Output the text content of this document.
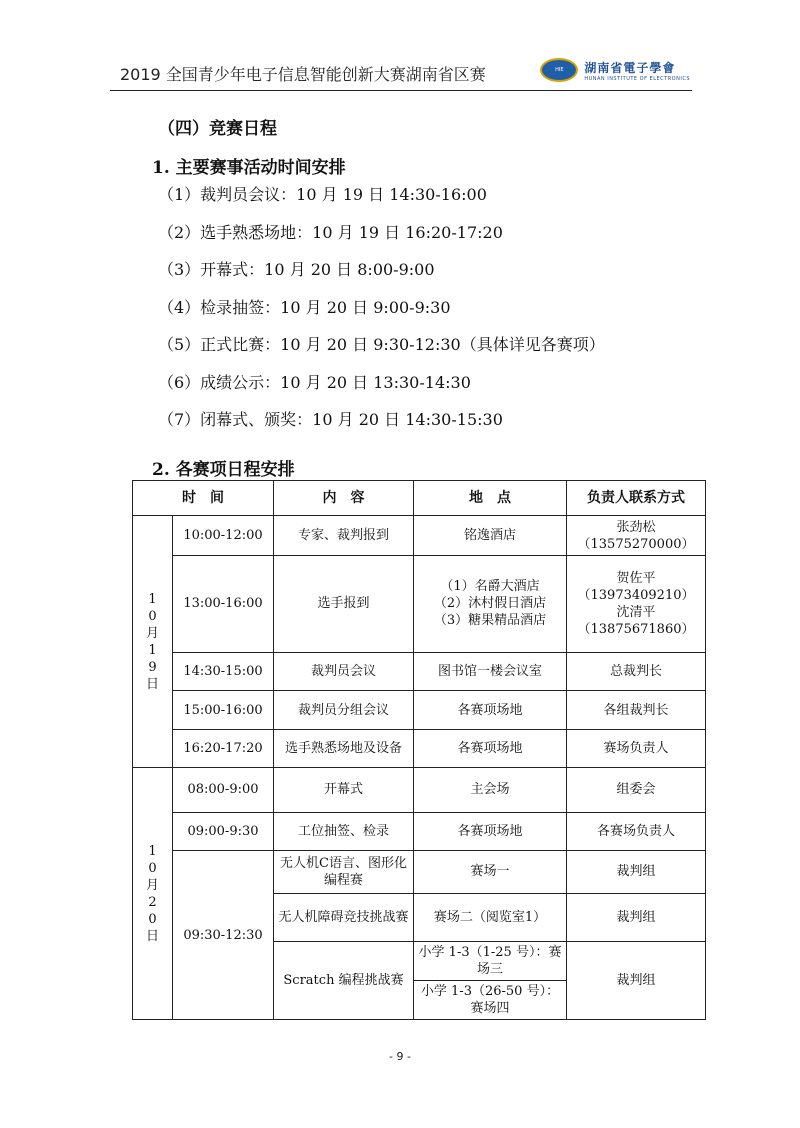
2019 全国青少年电子信息智能创新大赛湖南省区赛	HIE	湖南省電子學會
HUNAN INSTITUTE OF ELECTRONICS
（四）竞赛日程
1. 主要赛事活动时间安排
（1）裁判员会议：10 月 19 日 14:30-16:00
（2）选手熟悉场地：10 月 19 日 16:20-17:20
（3）开幕式：10 月 20 日 8:00-9:00
（4）检录抽签：10 月 20 日 9:00-9:30
（5）正式比赛：10 月 20 日 9:30-12:30（具体详见各赛项）
（6）成绩公示：10 月 20 日 13:30-14:30
（7）闭幕式、颁奖：10 月 20 日 14:30-15:30
2. 各赛项日程安排
时　间		内　容	地　点	负责人联系方式
10月19日	10:00-12:00	专家、裁判报到	铭逸酒店	张劲松
（13575270000）
	13:00-16:00	选手报到	（1）名爵大酒店
（2）沐村假日酒店
（3）糖果精品酒店	贺佐平
（13973409210）
沈清平
（13875671860）
	14:30-15:00	裁判员会议	图书馆一楼会议室	总裁判长
	15:00-16:00	裁判员分组会议	各赛项场地	各组裁判长
	16:20-17:20	选手熟悉场地及设备	各赛项场地	赛场负责人
10月20日	08:00-9:00	开幕式	主会场	组委会
	09:00-9:30	工位抽签、检录	各赛项场地	各赛场负责人
	09:30-12:30	无人机C语言、图形化编程赛	赛场一	裁判组
		无人机障碍竞技挑战赛	赛场二（阅览室1）	裁判组
		Scratch 编程挑战赛	小学 1-3（1-25 号）：赛场三	裁判组
			小学 1-3（26-50 号）：赛场四	
- 9 -
